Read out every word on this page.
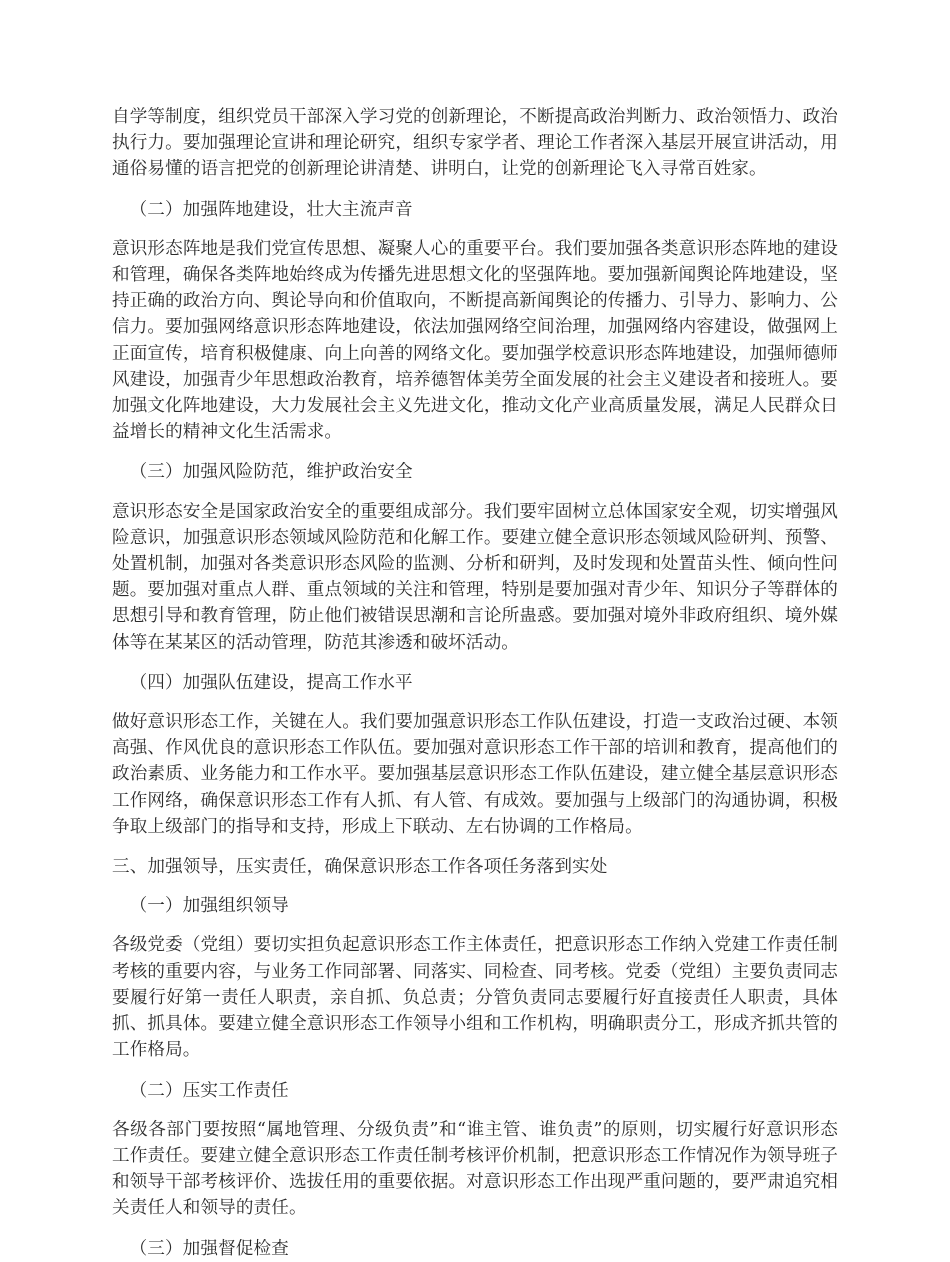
自学等制度，组织党员干部深入学习党的创新理论，不断提高政治判断力、政治领悟力、政治执行力。要加强理论宣讲和理论研究，组织专家学者、理论工作者深入基层开展宣讲活动，用通俗易懂的语言把党的创新理论讲清楚、讲明白，让党的创新理论飞入寻常百姓家。

（二）加强阵地建设，壮大主流声音

意识形态阵地是我们党宣传思想、凝聚人心的重要平台。我们要加强各类意识形态阵地的建设和管理，确保各类阵地始终成为传播先进思想文化的坚强阵地。要加强新闻舆论阵地建设，坚持正确的政治方向、舆论导向和价值取向，不断提高新闻舆论的传播力、引导力、影响力、公信力。要加强网络意识形态阵地建设，依法加强网络空间治理，加强网络内容建设，做强网上正面宣传，培育积极健康、向上向善的网络文化。要加强学校意识形态阵地建设，加强师德师风建设，加强青少年思想政治教育，培养德智体美劳全面发展的社会主义建设者和接班人。要加强文化阵地建设，大力发展社会主义先进文化，推动文化产业高质量发展，满足人民群众日益增长的精神文化生活需求。

（三）加强风险防范，维护政治安全

意识形态安全是国家政治安全的重要组成部分。我们要牢固树立总体国家安全观，切实增强风险意识，加强意识形态领域风险防范和化解工作。要建立健全意识形态领域风险研判、预警、处置机制，加强对各类意识形态风险的监测、分析和研判，及时发现和处置苗头性、倾向性问题。要加强对重点人群、重点领域的关注和管理，特别是要加强对青少年、知识分子等群体的思想引导和教育管理，防止他们被错误思潮和言论所蛊惑。要加强对境外非政府组织、境外媒体等在某某区的活动管理，防范其渗透和破坏活动。

（四）加强队伍建设，提高工作水平

做好意识形态工作，关键在人。我们要加强意识形态工作队伍建设，打造一支政治过硬、本领高强、作风优良的意识形态工作队伍。要加强对意识形态工作干部的培训和教育，提高他们的政治素质、业务能力和工作水平。要加强基层意识形态工作队伍建设，建立健全基层意识形态工作网络，确保意识形态工作有人抓、有人管、有成效。要加强与上级部门的沟通协调，积极争取上级部门的指导和支持，形成上下联动、左右协调的工作格局。

三、加强领导，压实责任，确保意识形态工作各项任务落到实处

（一）加强组织领导

各级党委（党组）要切实担负起意识形态工作主体责任，把意识形态工作纳入党建工作责任制考核的重要内容，与业务工作同部署、同落实、同检查、同考核。党委（党组）主要负责同志要履行好第一责任人职责，亲自抓、负总责；分管负责同志要履行好直接责任人职责，具体抓、抓具体。要建立健全意识形态工作领导小组和工作机构，明确职责分工，形成齐抓共管的工作格局。

（二）压实工作责任

各级各部门要按照“属地管理、分级负责”和“谁主管、谁负责”的原则，切实履行好意识形态工作责任。要建立健全意识形态工作责任制考核评价机制，把意识形态工作情况作为领导班子和领导干部考核评价、选拔任用的重要依据。对意识形态工作出现严重问题的，要严肃追究相关责任人和领导的责任。

（三）加强督促检查
